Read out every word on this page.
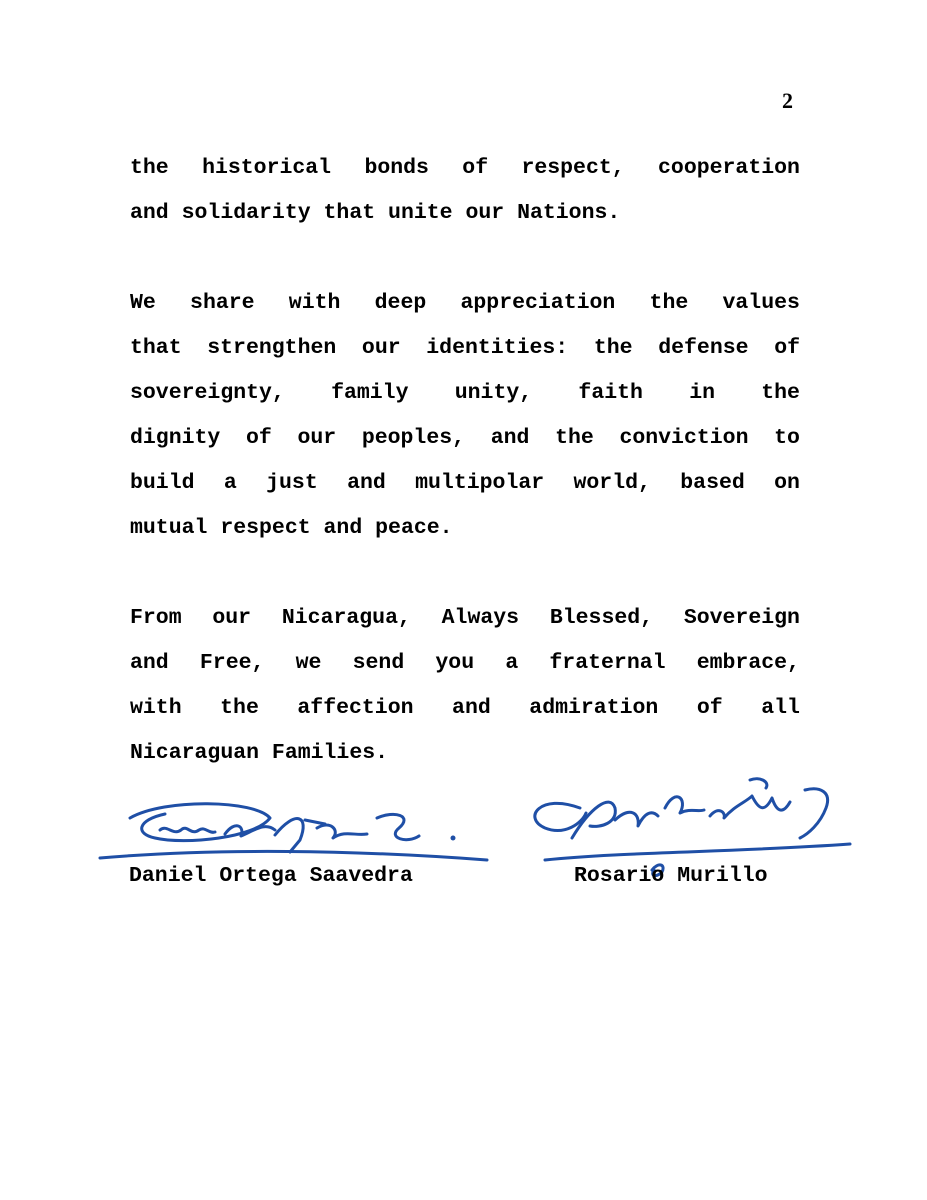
2
the historical bonds of respect, cooperation
and solidarity that unite our Nations.
We share with deep appreciation the values
that strengthen our identities: the defense of
sovereignty, family unity, faith in the
dignity of our peoples, and the conviction to
build a just and multipolar world, based on
mutual respect and peace.
From our Nicaragua, Always Blessed, Sovereign
and Free, we send you a fraternal embrace,
with the affection and admiration of all
Nicaraguan Families.
Daniel Ortega Saavedra	Rosario Murillo
